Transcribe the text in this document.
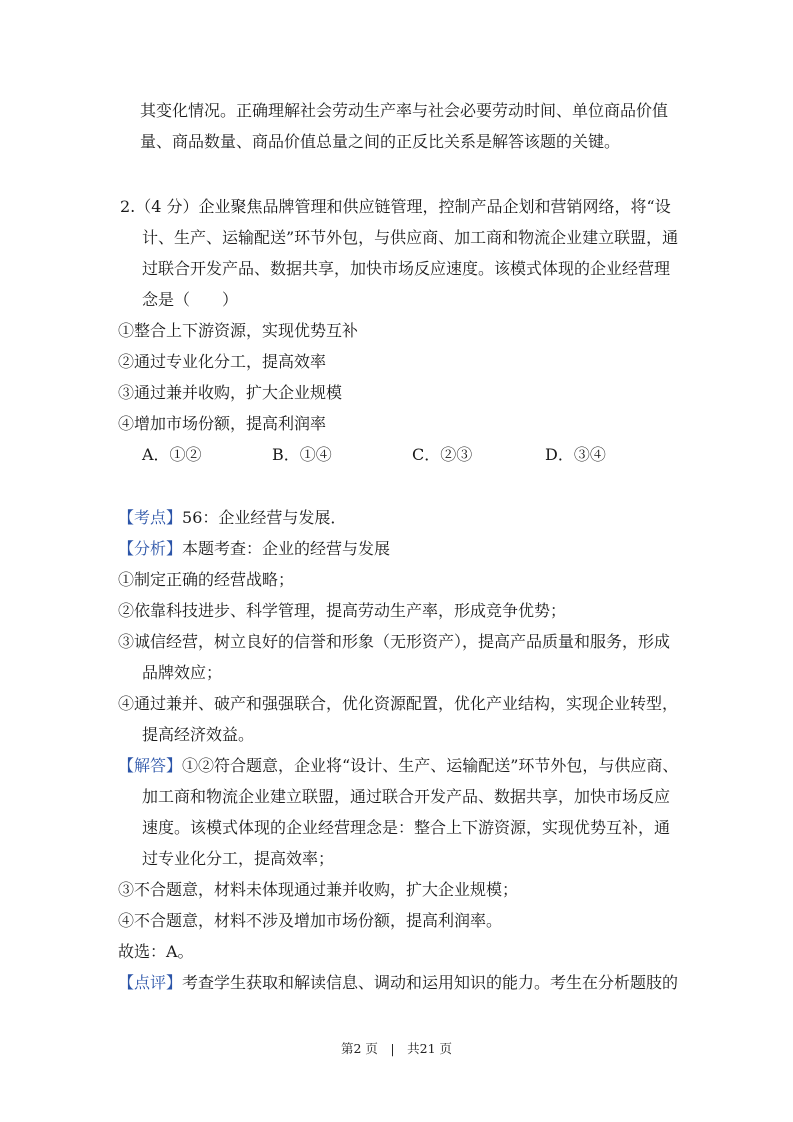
其变化情况。正确理解社会劳动生产率与社会必要劳动时间、单位商品价值
量、商品数量、商品价值总量之间的正反比关系是解答该题的关键。
2.（4 分）企业聚焦品牌管理和供应链管理，控制产品企划和营销网络，将“设
计、生产、运输配送”环节外包，与供应商、加工商和物流企业建立联盟，通
过联合开发产品、数据共享，加快市场反应速度。该模式体现的企业经营理
念是（　　）
①整合上下游资源，实现优势互补
②通过专业化分工，提高效率
③通过兼并收购，扩大企业规模
④增加市场份额，提高利润率
A．①②	B．①④	C．②③	D．③④
【考点】56：企业经营与发展．
【分析】本题考查：企业的经营与发展
①制定正确的经营战略；
②依靠科技进步、科学管理，提高劳动生产率，形成竞争优势；
③诚信经营，树立良好的信誉和形象（无形资产），提高产品质量和服务，形成
品牌效应；
④通过兼并、破产和强强联合，优化资源配置，优化产业结构，实现企业转型，
提高经济效益。
【解答】①②符合题意，企业将“设计、生产、运输配送”环节外包，与供应商、
加工商和物流企业建立联盟，通过联合开发产品、数据共享，加快市场反应
速度。该模式体现的企业经营理念是：整合上下游资源，实现优势互补，通
过专业化分工，提高效率；
③不合题意，材料未体现通过兼并收购，扩大企业规模；
④不合题意，材料不涉及增加市场份额，提高利润率。
故选：A。
【点评】考查学生获取和解读信息、调动和运用知识的能力。考生在分析题肢的
第2 页　|　共21 页
